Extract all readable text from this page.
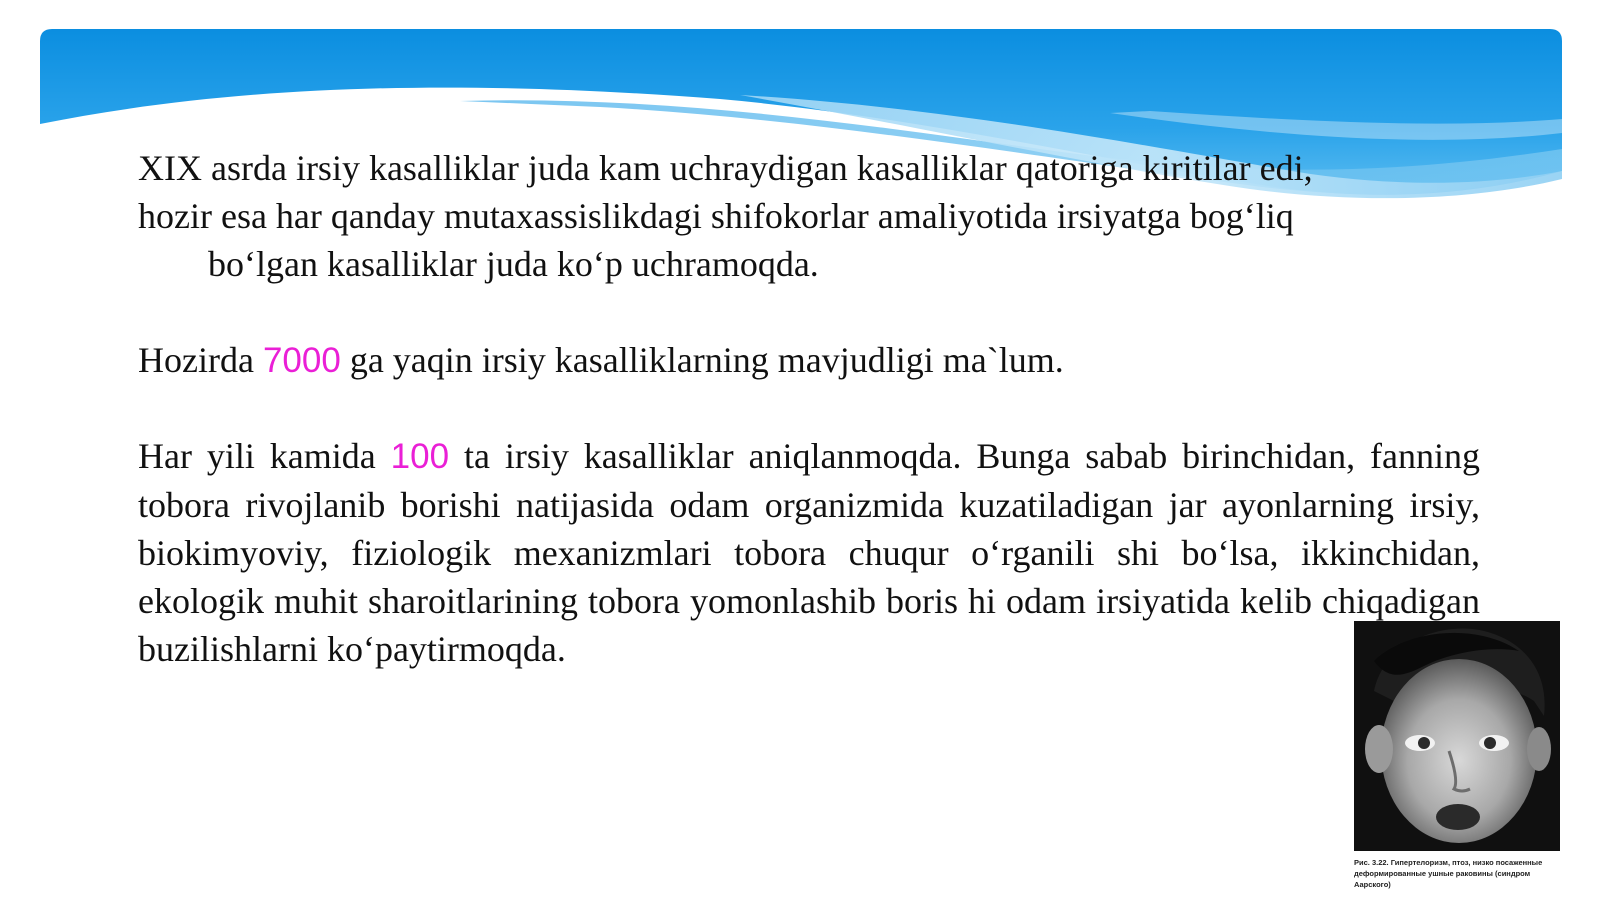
XIX asrda irsiy kasalliklar juda kam uchraydigan kasalliklar qatoriga kiritilar edi,
hozir esa har qanday mutaxassislikdagi shifokorlar amaliyotida irsiyatga bog‘liq
bo‘lgan kasalliklar juda ko‘p uchramoqda.
Hozirda 7000 ga yaqin irsiy kasalliklarning mavjudligi ma`lum.
Har yili kamida 100 ta irsiy kasalliklar aniqlanmoqda. Bunga sabab birinchidan, fanning tobora rivojlanib borishi natijasida odam organizmida kuzatiladigan jar ayonlarning irsiy, biokimyoviy, fiziologik mexanizmlari tobora chuqur o‘rganili shi bo‘lsa, ikkinchidan, ekologik muhit sharoitlarining tobora yomonlashib boris hi odam irsiyatida kelib chiqadigan buzilishlarni ko‘paytirmoqda.
Рис. 3.22. Гипертелоризм, птоз, низко посаженные деформированные ушные раковины (синдром Аарского)
